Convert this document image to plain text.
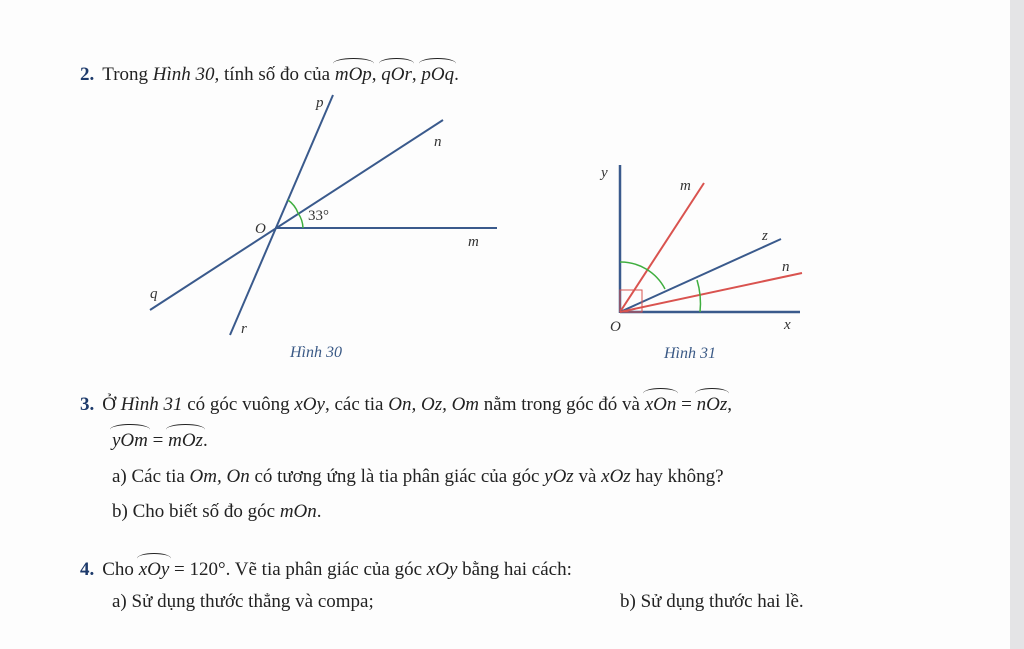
2. Trong Hình 30, tính số đo của mOp, qOr, pOq.
p
n
O
33°
m
q
r
Hình 30
y
m
z
n
O	x
Hình 31
3. Ở Hình 31 có góc vuông xOy, các tia On, Oz, Om nằm trong góc đó và xOn = nOz,
yOm = mOz.
a) Các tia Om, On có tương ứng là tia phân giác của góc yOz và xOz hay không?
b) Cho biết số đo góc mOn.
4. Cho xOy = 120°. Vẽ tia phân giác của góc xOy bằng hai cách:
a) Sử dụng thước thẳng và compa;	b) Sử dụng thước hai lề.
